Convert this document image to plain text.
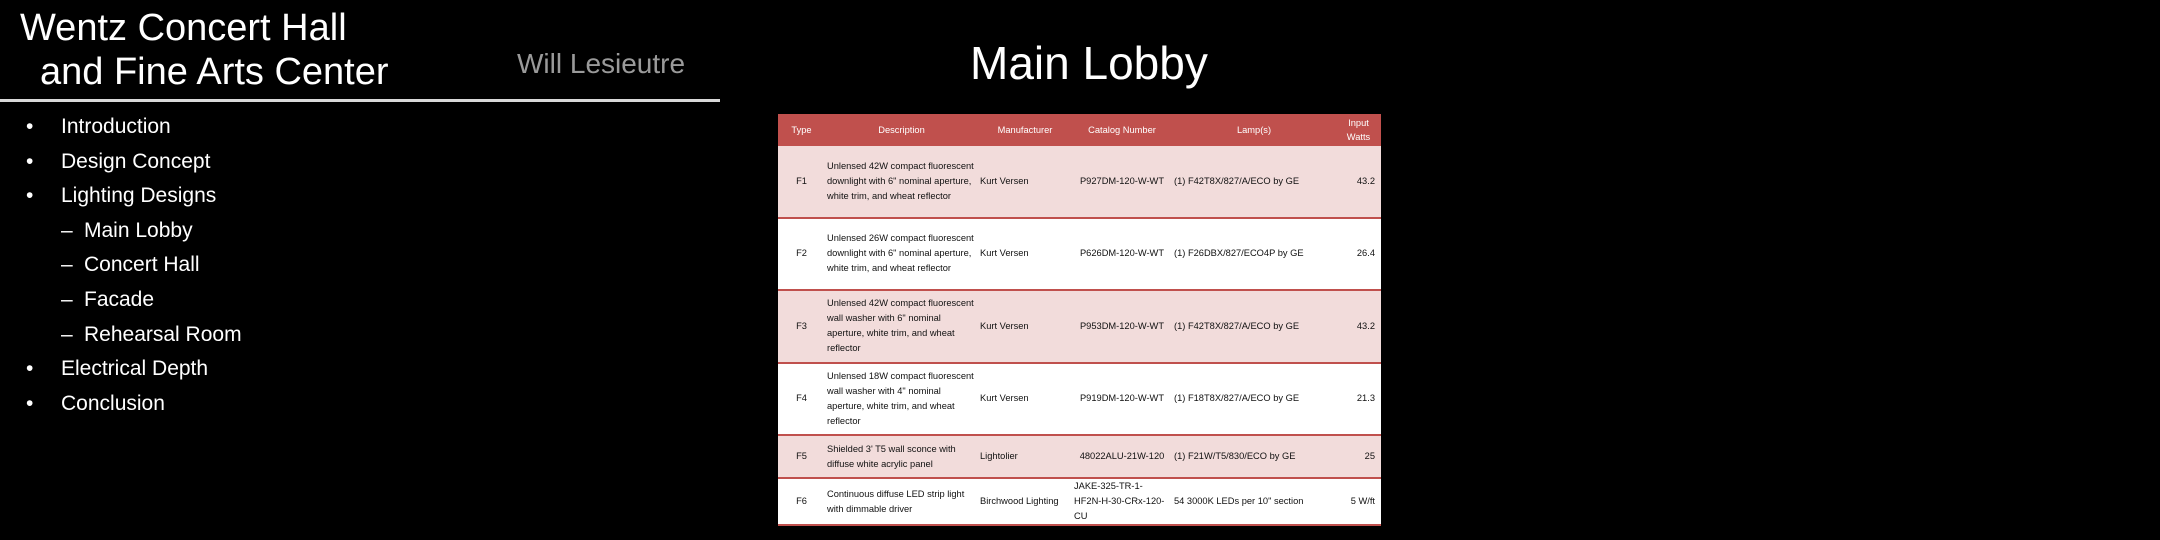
Wentz Concert Hall
and Fine Arts Center	Will Lesieutre
• Introduction
• Design Concept
• Lighting Designs
– Main Lobby
– Concert Hall
– Facade
– Rehearsal Room
• Electrical Depth
• Conclusion
Main Lobby
Type	Description	Manufacturer	Catalog Number	Lamp(s)	Input Watts
F1	Unlensed 42W compact fluorescent downlight with 6" nominal aperture, white trim, and wheat reflector	Kurt Versen	P927DM-120-W-WT	(1) F42T8X/827/A/ECO by GE	43.2
F2	Unlensed 26W compact fluorescent downlight with 6" nominal aperture, white trim, and wheat reflector	Kurt Versen	P626DM-120-W-WT	(1) F26DBX/827/ECO4P by GE	26.4
F3	Unlensed 42W compact fluorescent wall washer with 6" nominal aperture, white trim, and wheat reflector	Kurt Versen	P953DM-120-W-WT	(1) F42T8X/827/A/ECO by GE	43.2
F4	Unlensed 18W compact fluorescent wall washer with 4" nominal aperture, white trim, and wheat reflector	Kurt Versen	P919DM-120-W-WT	(1) F18T8X/827/A/ECO by GE	21.3
F5	Shielded 3' T5 wall sconce with diffuse white acrylic panel	Lightolier	48022ALU-21W-120	(1) F21W/T5/830/ECO by GE	25
F6	Continuous diffuse LED strip light with dimmable driver	Birchwood Lighting	JAKE-325-TR-1-HF2N-H-30-CRx-120-CU	54 3000K LEDs per 10" section	5 W/ft
